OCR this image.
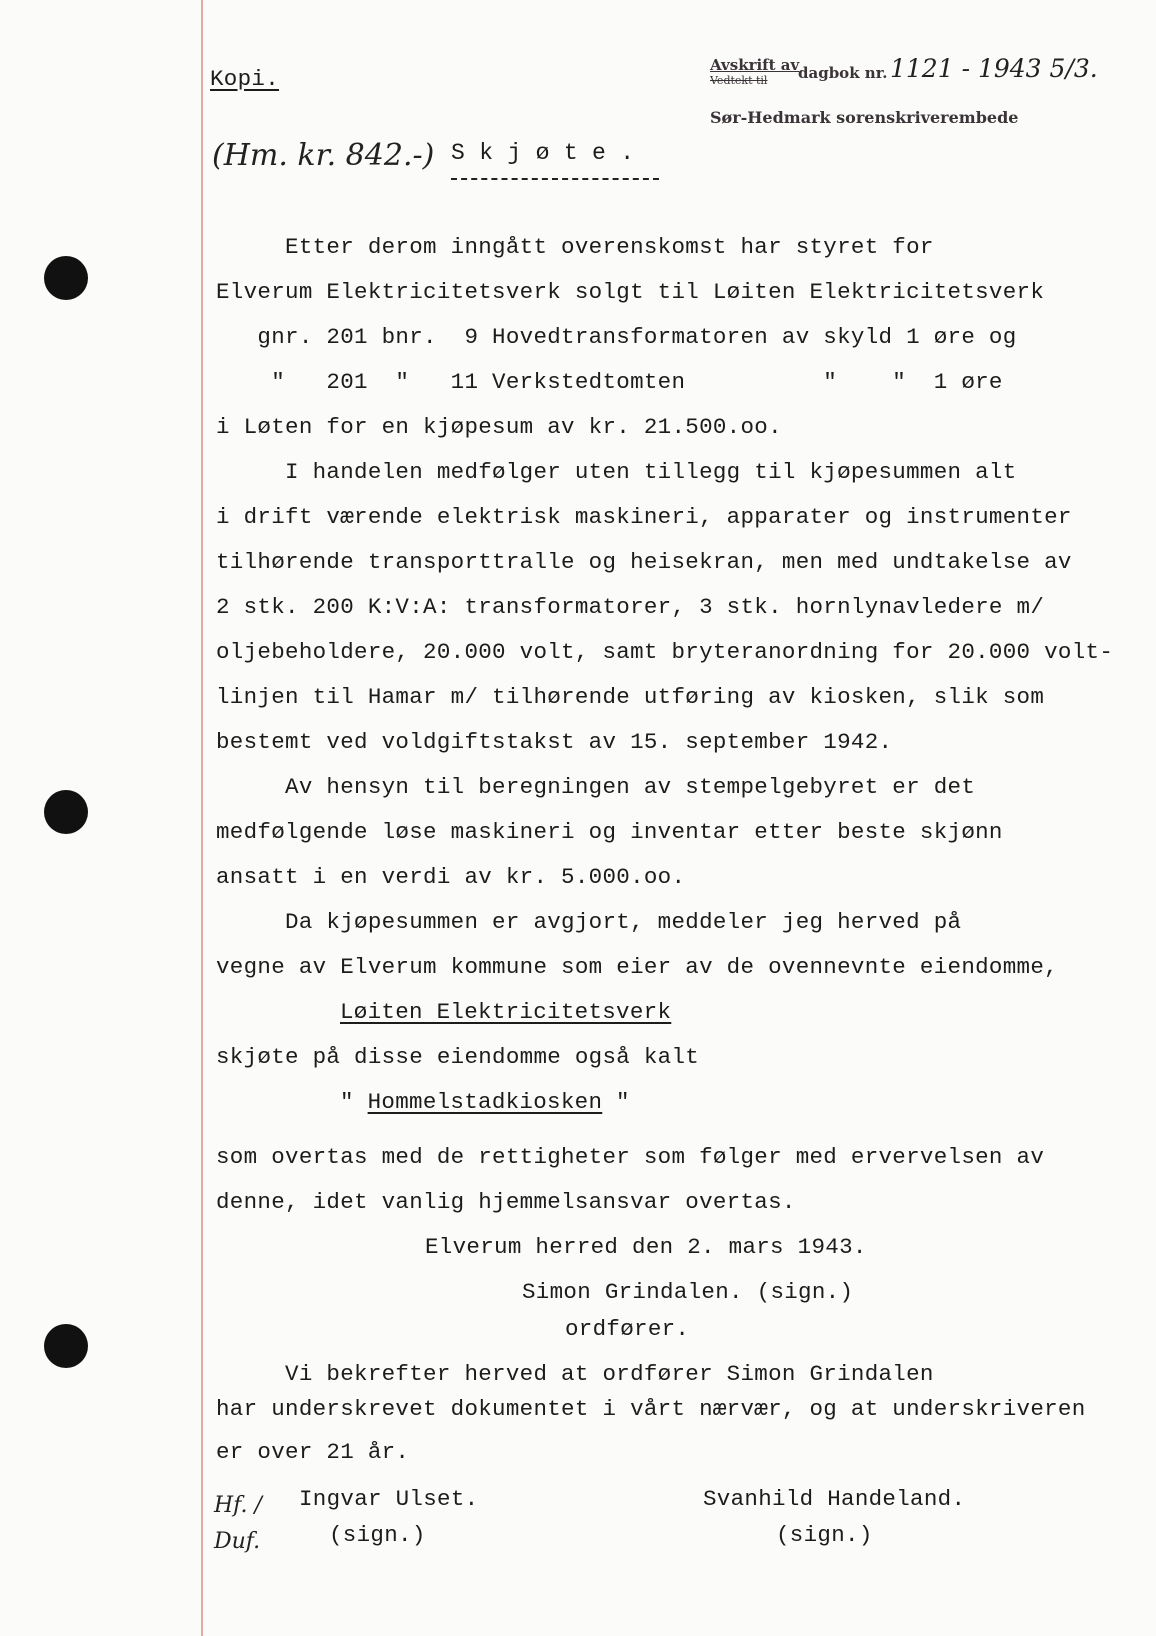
Kopi.
Avskrift av
Vedtekt til dagbok nr. 1121 - 1943 5/3.
Sør-Hedmark sorenskriverembede
(Hm. kr. 842.-) S k j ø t e .
Etter derom inngått overenskomst har styret for
Elverum Elektricitetsverk solgt til Løiten Elektricitetsverk
gnr. 201 bnr.  9 Hovedtransformatoren av skyld 1 øre og
"   201  "   11 Verkstedtomten          "    "  1 øre
i Løten for en kjøpesum av kr. 21.500.oo.
I handelen medfølger uten tillegg til kjøpesummen alt
i drift værende elektrisk maskineri, apparater og instrumenter
tilhørende transporttralle og heisekran, men med undtakelse av
2 stk. 200 K:V:A: transformatorer, 3 stk. hornlynavledere m/
oljebeholdere, 20.000 volt, samt bryteranordning for 20.000 volt-
linjen til Hamar m/ tilhørende utføring av kiosken, slik som
bestemt ved voldgiftstakst av 15. september 1942.
Av hensyn til beregningen av stempelgebyret er det
medfølgende løse maskineri og inventar etter beste skjønn
ansatt i en verdi av kr. 5.000.oo.
Da kjøpesummen er avgjort, meddeler jeg herved på
vegne av Elverum kommune som eier av de ovennevnte eiendomme,
Løiten Elektricitetsverk
skjøte på disse eiendomme også kalt
" Hommelstadkiosken "
som overtas med de rettigheter som følger med ervervelsen av
denne, idet vanlig hjemmelsansvar overtas.
Elverum herred den 2. mars 1943.
Simon Grindalen. (sign.)
ordfører.
Vi bekrefter herved at ordfører Simon Grindalen
har underskrevet dokumentet i vårt nærvær, og at underskriveren
er over 21 år.
Hf. / Duf.
Ingvar Ulset.
(sign.)
Svanhild Handeland.
(sign.)
